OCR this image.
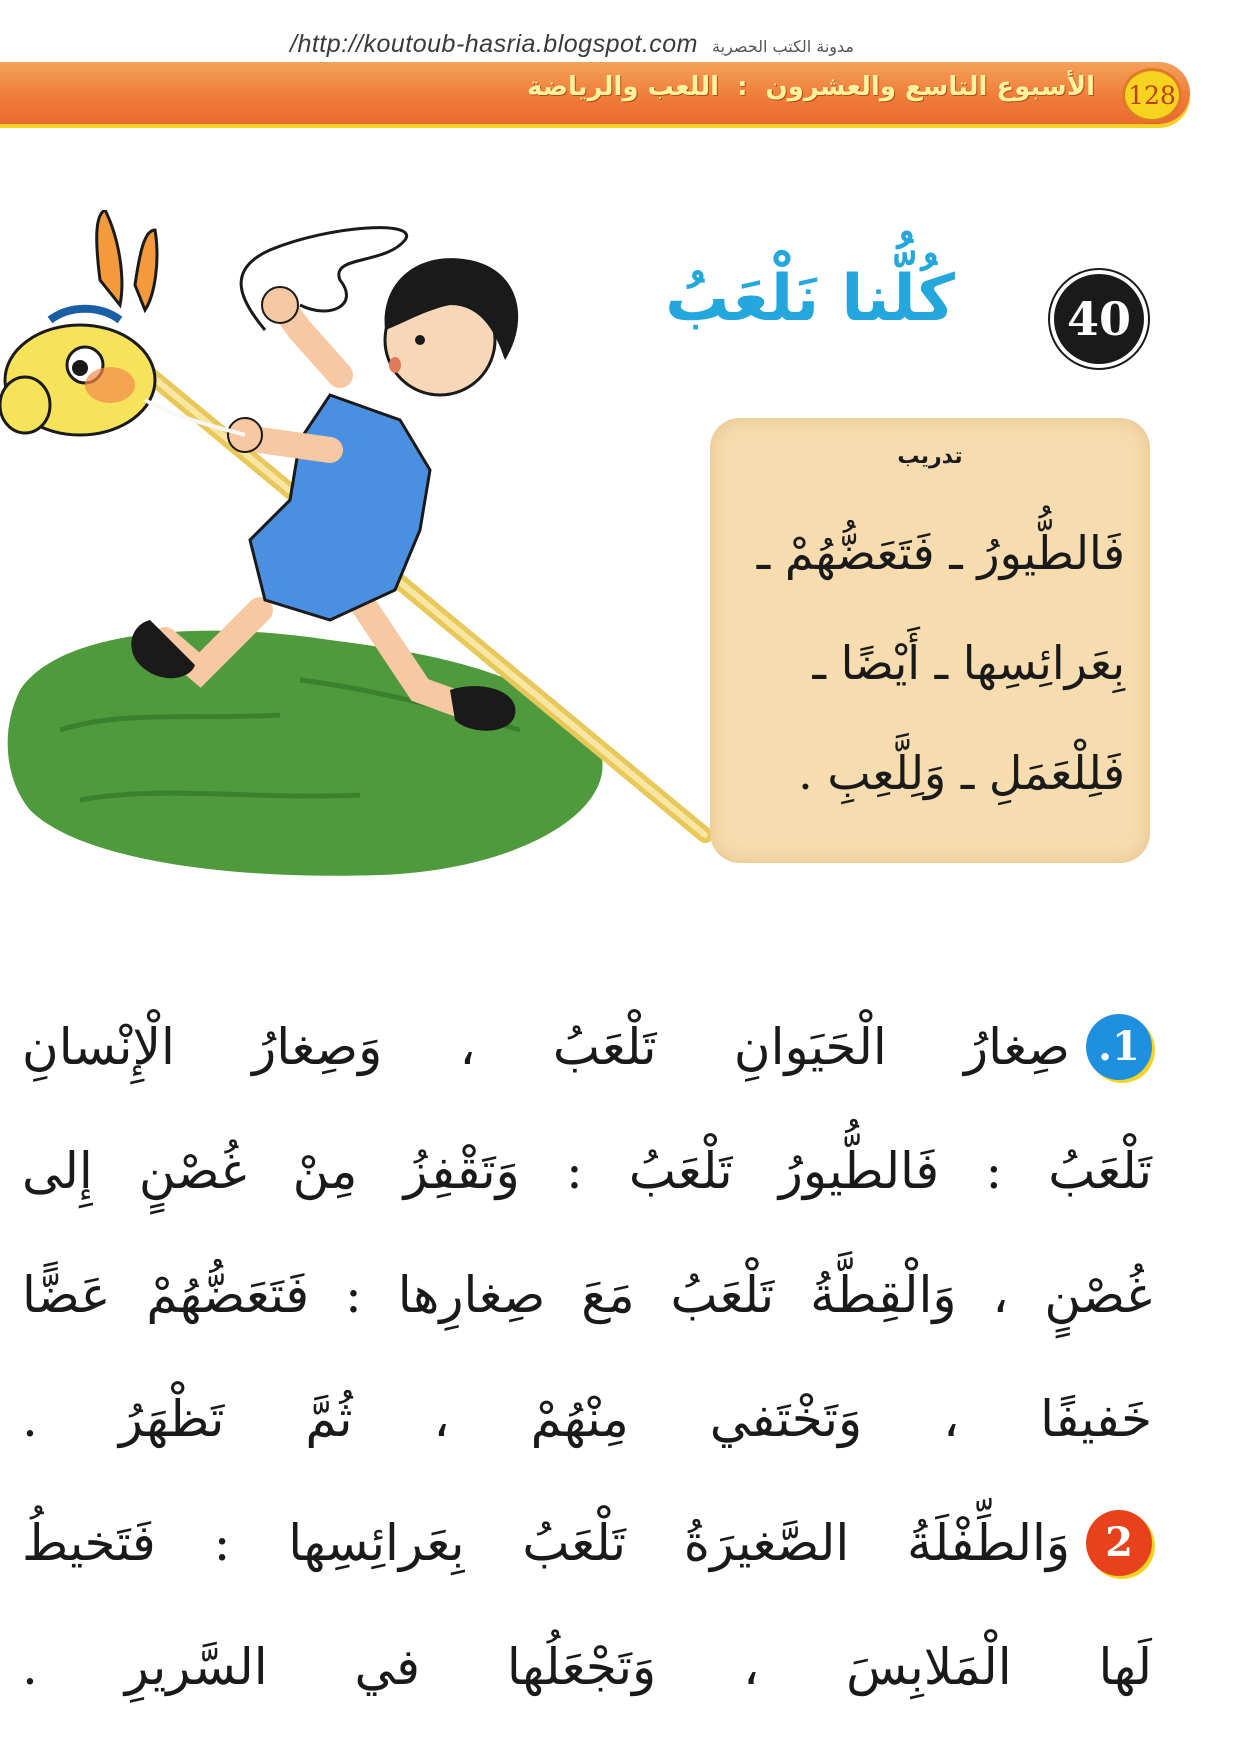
/http://koutoub-hasria.blogspot.com مدونة الكتب الحصرية
الأسبوع التاسع والعشرون
:
اللعب والرياضة	128
40
كُلُّنا نَلْعَبُ
تدريب
فَالطُّيورُ ـ فَتَعَضُّهُمْ ـ
بِعَرائِسِها ـ أَيْضًا ـ
فَلِلْعَمَلِ ـ وَلِلَّعِبِ .
1.
صِغارُ الْحَيَوانِ تَلْعَبُ ، وَصِغارُ الْإِنْسانِ
تَلْعَبُ : فَالطُّيورُ تَلْعَبُ : وَتَقْفِزُ مِنْ غُصْنٍ إِلى
غُصْنٍ ، وَالْقِطَّةُ تَلْعَبُ مَعَ صِغارِها : فَتَعَضُّهُمْ عَضًّا
خَفيفًا ، وَتَخْتَفي مِنْهُمْ ، ثُمَّ تَظْهَرُ .
2
وَالطِّفْلَةُ الصَّغيرَةُ تَلْعَبُ بِعَرائِسِها : فَتَخيطُ
لَها الْمَلابِسَ ، وَتَجْعَلُها في السَّريرِ .
